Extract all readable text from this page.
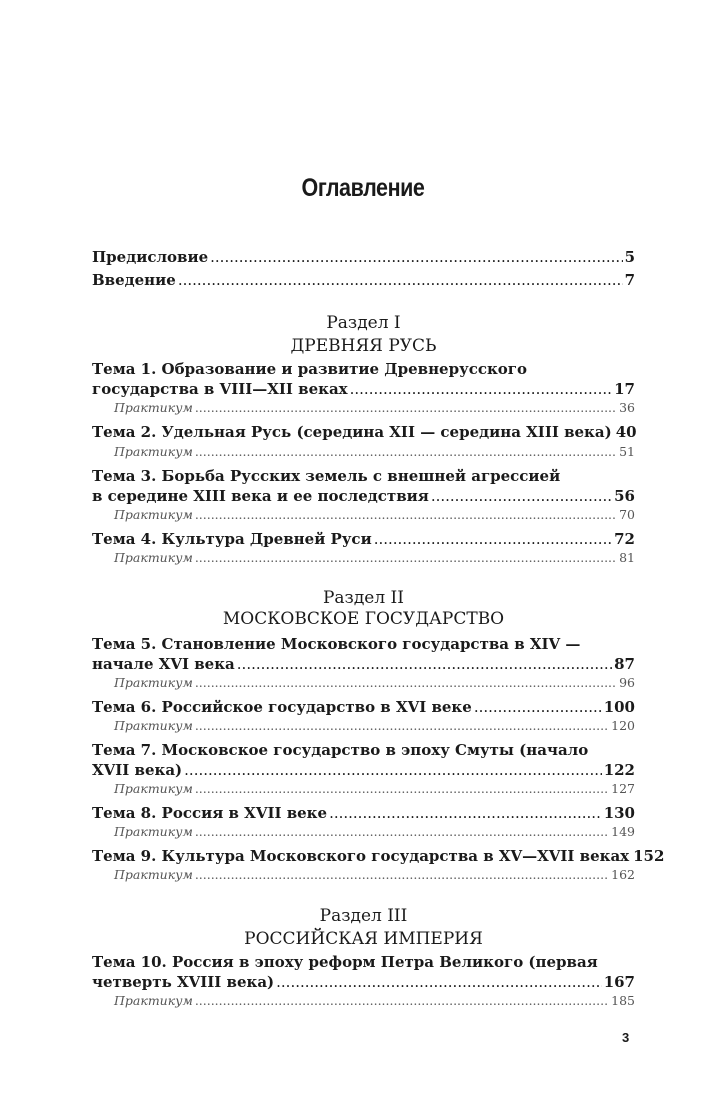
Оглавление
Предисловие .....	5
Введение .....	7
Раздел I
ДРЕВНЯЯ РУСЬ
Тема 1. Образование и развитие Древнерусского
государства в VIII—XII веках .....	17
Практикум .....	36
Тема 2. Удельная Русь (середина XII — середина XIII века) 40
Практикум .....	51
Тема 3. Борьба Русских земель с внешней агрессией
в середине XIII века и ее последствия .....	56
Практикум .....	70
Тема 4. Культура Древней Руси .....	72
Практикум .....	81
Раздел II
МОСКОВСКОЕ ГОСУДАРСТВО
Тема 5. Становление Московского государства в XIV —
начале XVI века .....	87
Практикум .....	96
Тема 6. Российское государство в XVI веке .....	100
Практикум .....	120
Тема 7. Московское государство в эпоху Смуты (начало
XVII века) .....	122
Практикум .....	127
Тема 8. Россия в XVII веке .....	130
Практикум .....	149
Тема 9. Культура Московского государства в XV—XVII веках 152
Практикум .....	162
Раздел III
РОССИЙСКАЯ ИМПЕРИЯ
Тема 10. Россия в эпоху реформ Петра Великого (первая
четверть XVIII века) .....	167
Практикум .....	185
3
